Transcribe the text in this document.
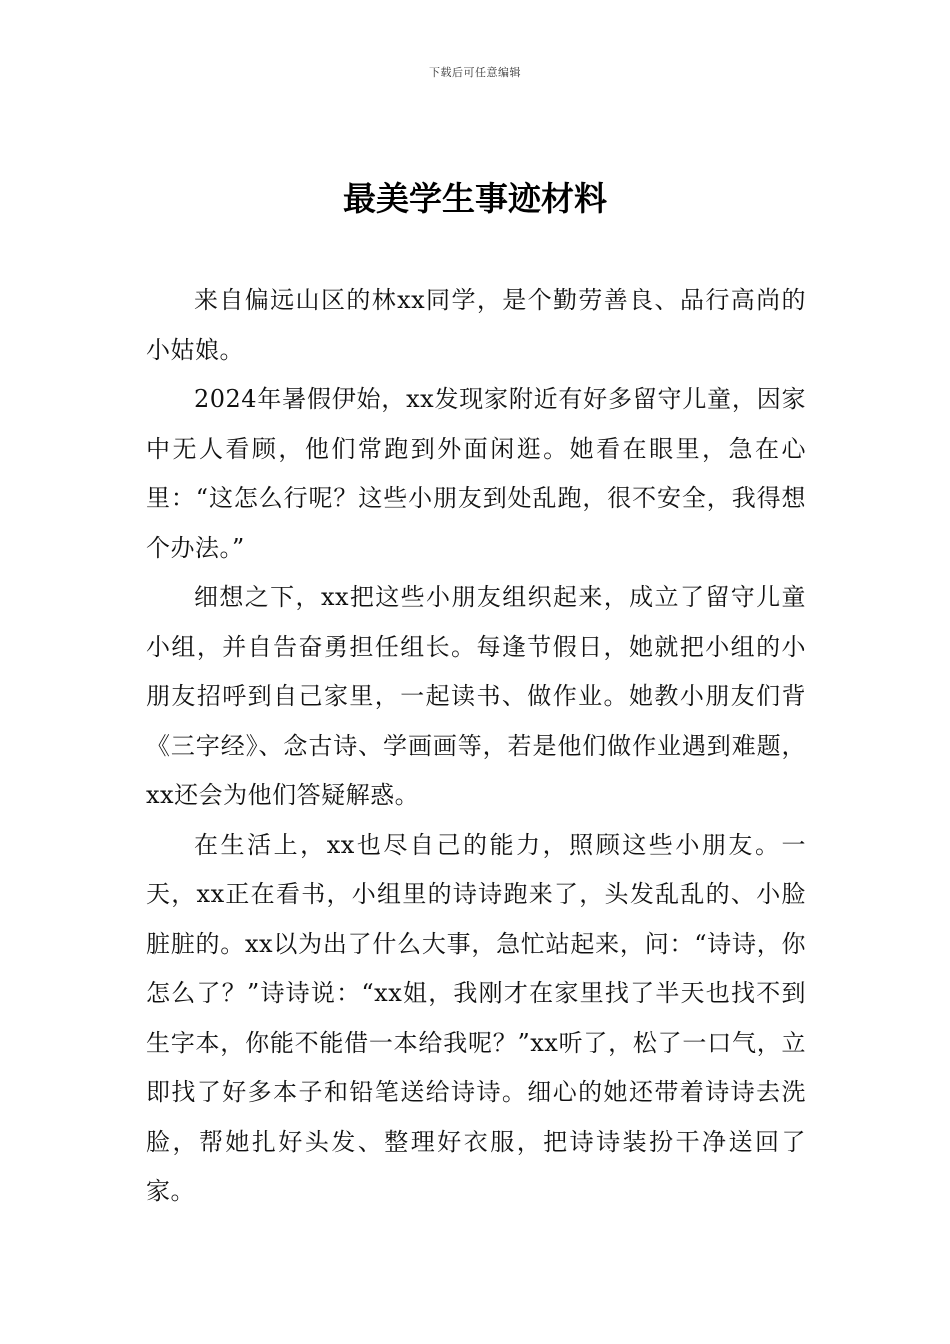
下载后可任意编辑
最美学生事迹材料

来自偏远山区的林xx同学，是个勤劳善良、品行高尚的小姑娘。

2024年暑假伊始，xx发现家附近有好多留守儿童，因家中无人看顾，他们常跑到外面闲逛。她看在眼里，急在心里：“这怎么行呢？这些小朋友到处乱跑，很不安全，我得想个办法。”

细想之下，xx把这些小朋友组织起来，成立了留守儿童小组，并自告奋勇担任组长。每逢节假日，她就把小组的小朋友招呼到自己家里，一起读书、做作业。她教小朋友们背 《三字经》、念古诗、学画画等，若是他们做作业遇到难题，xx还会为他们答疑解惑。

在生活上，xx也尽自己的能力，照顾这些小朋友。一天，xx正在看书，小组里的诗诗跑来了，头发乱乱的、小脸脏脏的。xx以为出了什么大事，急忙站起来，问：“诗诗，你怎么了？”诗诗说：“xx姐，我刚才在家里找了半天也找不到生字本，你能不能借一本给我呢？”xx听了，松了一口气，立即找了好多本子和铅笔送给诗诗。细心的她还带着诗诗去洗脸，帮她扎好头发、整理好衣服，把诗诗装扮干净送回了家。
